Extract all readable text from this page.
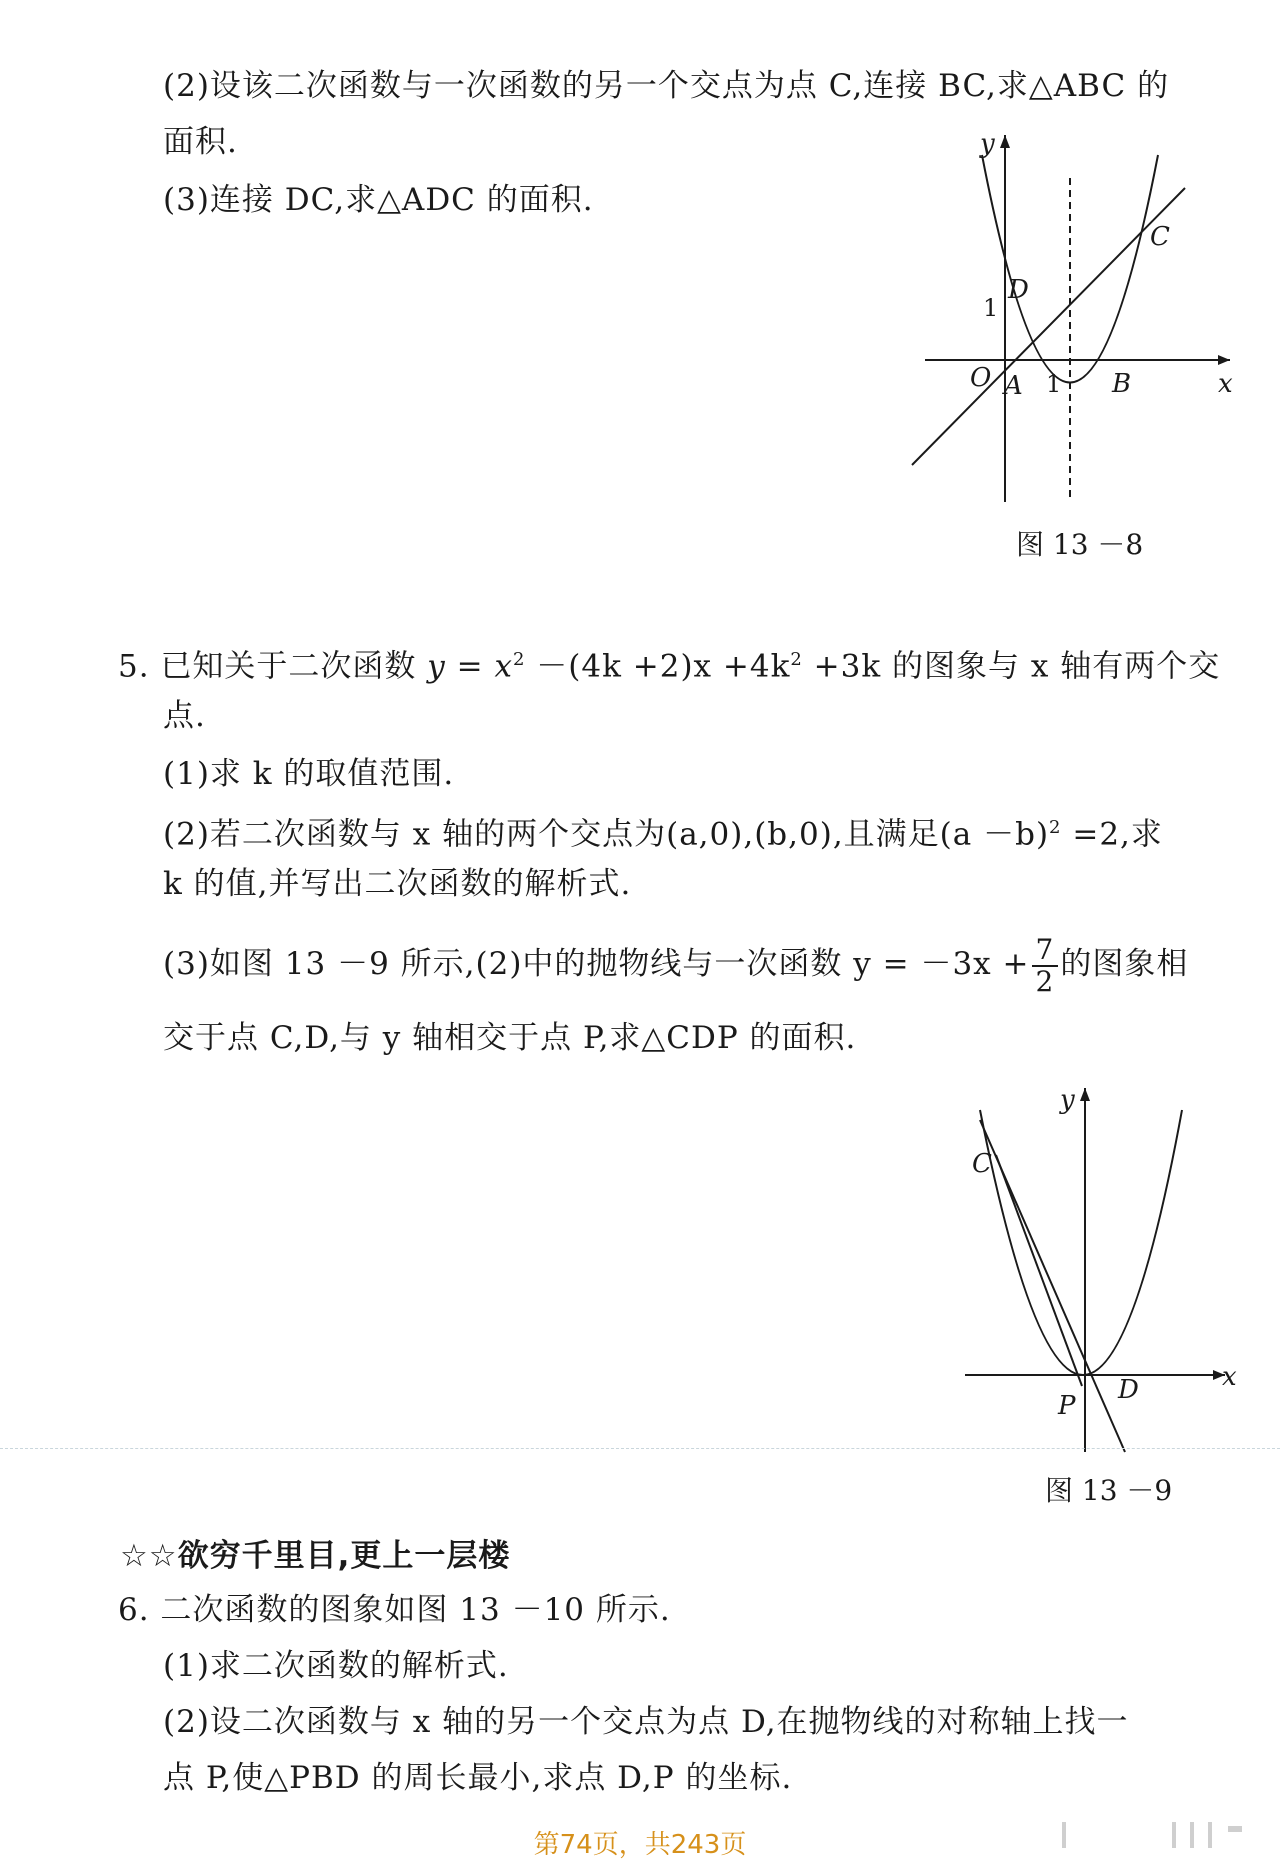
(2)设该二次函数与一次函数的另一个交点为点 C,连接 BC,求△ABC 的
面积.
(3)连接 DC,求△ADC 的面积.
y
x
O
D
A	B
C
1
1
图 13 －8
5. 已知关于二次函数 $y = x^2 -(4k +2)x +4k^2 +3k$ 的图象与 x 轴有两个交
点.
(1)求 k 的取值范围.
(2)若二次函数与 x 轴的两个交点为(a,0),(b,0),且满足$(a -b)^2 =2$,求
k 的值,并写出二次函数的解析式.
(3)如图 13 －9 所示,(2)中的抛物线与一次函数 $y = -3x + \frac{7}{2}$ 的图象相
交于点 C,D,与 y 轴相交于点 P,求△CDP 的面积.
y
x
C
P
D
图 13 －9
☆☆欲穷千里目,更上一层楼
6. 二次函数的图象如图 13 －10 所示.
(1)求二次函数的解析式.
(2)设二次函数与 x 轴的另一个交点为点 D,在抛物线的对称轴上找一
点 P,使△PBD 的周长最小,求点 D,P 的坐标.
第74页，共243页
